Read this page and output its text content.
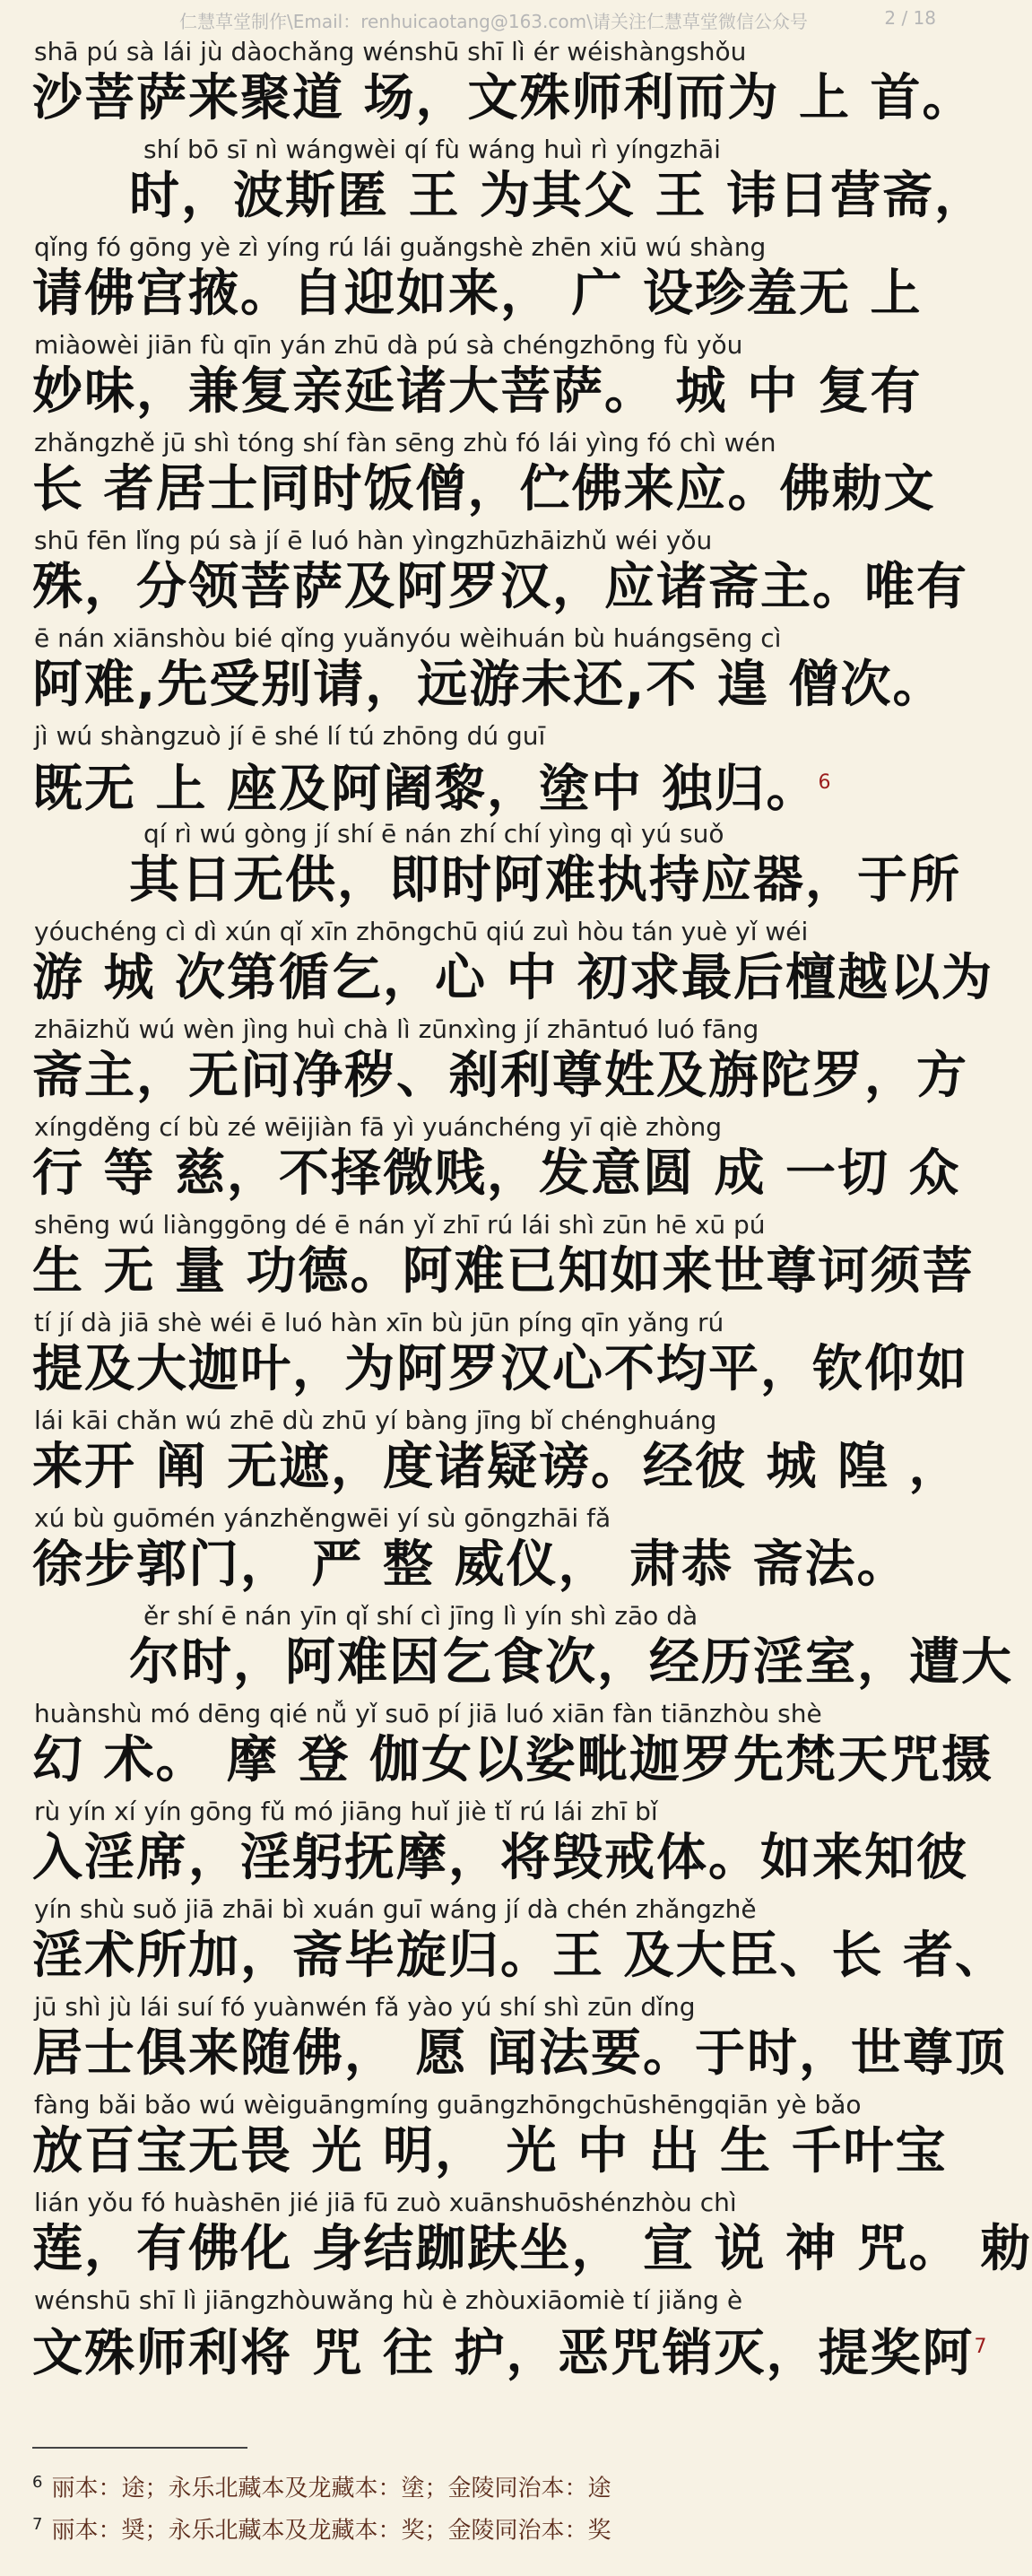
仁慧草堂制作\Email：renhuicaotang@163.com\请关注仁慧草堂微信公众号	2 / 18
shā pú sà lái jù dàochǎng wénshū shī lì ér wéishàngshǒu
沙菩萨来聚道 场，文殊师利而为 上 首。
shí bō sī nì wángwèi qí fù wáng huì rì yíngzhāi
时，波斯匿 王 为其父 王 讳日营斋，
qǐng fó gōng yè zì yíng rú lái guǎngshè zhēn xiū wú shàng
请佛宫掖。自迎如来， 广 设珍羞无 上
miàowèi jiān fù qīn yán zhū dà pú sà chéngzhōng fù yǒu
妙味，兼复亲延诸大菩萨。 城 中 复有
zhǎngzhě jū shì tóng shí fàn sēng zhù fó lái yìng fó chì wén
长 者居士同时饭僧，伫佛来应。佛勅文
shū fēn lǐng pú sà jí ē luó hàn yìngzhūzhāizhǔ wéi yǒu
殊，分领菩萨及阿罗汉，应诸斋主。唯有
ē nán xiānshòu bié qǐng yuǎnyóu wèihuán bù huángsēng cì
阿难,先受别请，远游未还,不 遑 僧次。
jì wú shàngzuò jí ē shé lí tú zhōng dú guī
既无 上 座及阿阇黎，塗中 独归。$^6$
qí rì wú gòng jí shí ē nán zhí chí yìng qì yú suǒ
其日无供，即时阿难执持应器，于所
yóuchéng cì dì xún qǐ xīn zhōngchū qiú zuì hòu tán yuè yǐ wéi
游 城 次第循乞，心 中 初求最后檀越以为
zhāizhǔ wú wèn jìng huì chà lì zūnxìng jí zhāntuó luó fāng
斋主，无问净秽、刹利尊姓及旃陀罗，方
xíngděng cí bù zé wēijiàn fā yì yuánchéng yī qiè zhòng
行 等 慈，不择微贱，发意圆 成 一切 众
shēng wú liànggōng dé ē nán yǐ zhī rú lái shì zūn hē xū pú
生 无 量 功德。阿难已知如来世尊诃须菩
tí jí dà jiā shè wéi ē luó hàn xīn bù jūn píng qīn yǎng rú
提及大迦叶，为阿罗汉心不均平，钦仰如
lái kāi chǎn wú zhē dù zhū yí bàng jīng bǐ chénghuáng
来开 阐 无遮，度诸疑谤。经彼 城 隍 ，
xú bù guōmén yánzhěngwēi yí sù gōngzhāi fǎ
徐步郭门， 严 整 威仪， 肃恭 斋法。
ěr shí ē nán yīn qǐ shí cì jīng lì yín shì zāo dà
尔时，阿难因乞食次，经历淫室，遭大
huànshù mó dēng qié nǚ yǐ suō pí jiā luó xiān fàn tiānzhòu shè
幻 术。 摩 登 伽女以娑毗迦罗先梵天咒摄
rù yín xí yín gōng fǔ mó jiāng huǐ jiè tǐ rú lái zhī bǐ
入淫席，淫躬抚摩，将毁戒体。如来知彼
yín shù suǒ jiā zhāi bì xuán guī wáng jí dà chén zhǎngzhě
淫术所加，斋毕旋归。王 及大臣、长 者、
jū shì jù lái suí fó yuànwén fǎ yào yú shí shì zūn dǐng
居士俱来随佛， 愿 闻法要。于时，世尊顶
fàng bǎi bǎo wú wèiguāngmíng guāngzhōngchūshēngqiān yè bǎo
放百宝无畏 光 明， 光 中 出 生 千叶宝
lián yǒu fó huàshēn jié jiā fū zuò xuānshuōshénzhòu chì
莲，有佛化 身结跏趺坐， 宣 说 神 咒。 勅
wénshū shī lì jiāngzhòuwǎng hù è zhòuxiāomiè tí jiǎng è
文殊师利将 咒 往 护，恶咒销灭，提奖阿$^7$
$^6$ 丽本：途；永乐北藏本及龙藏本：塗；金陵同治本：途
$^7$ 丽本：奨；永乐北藏本及龙藏本：奖；金陵同治本：奖
